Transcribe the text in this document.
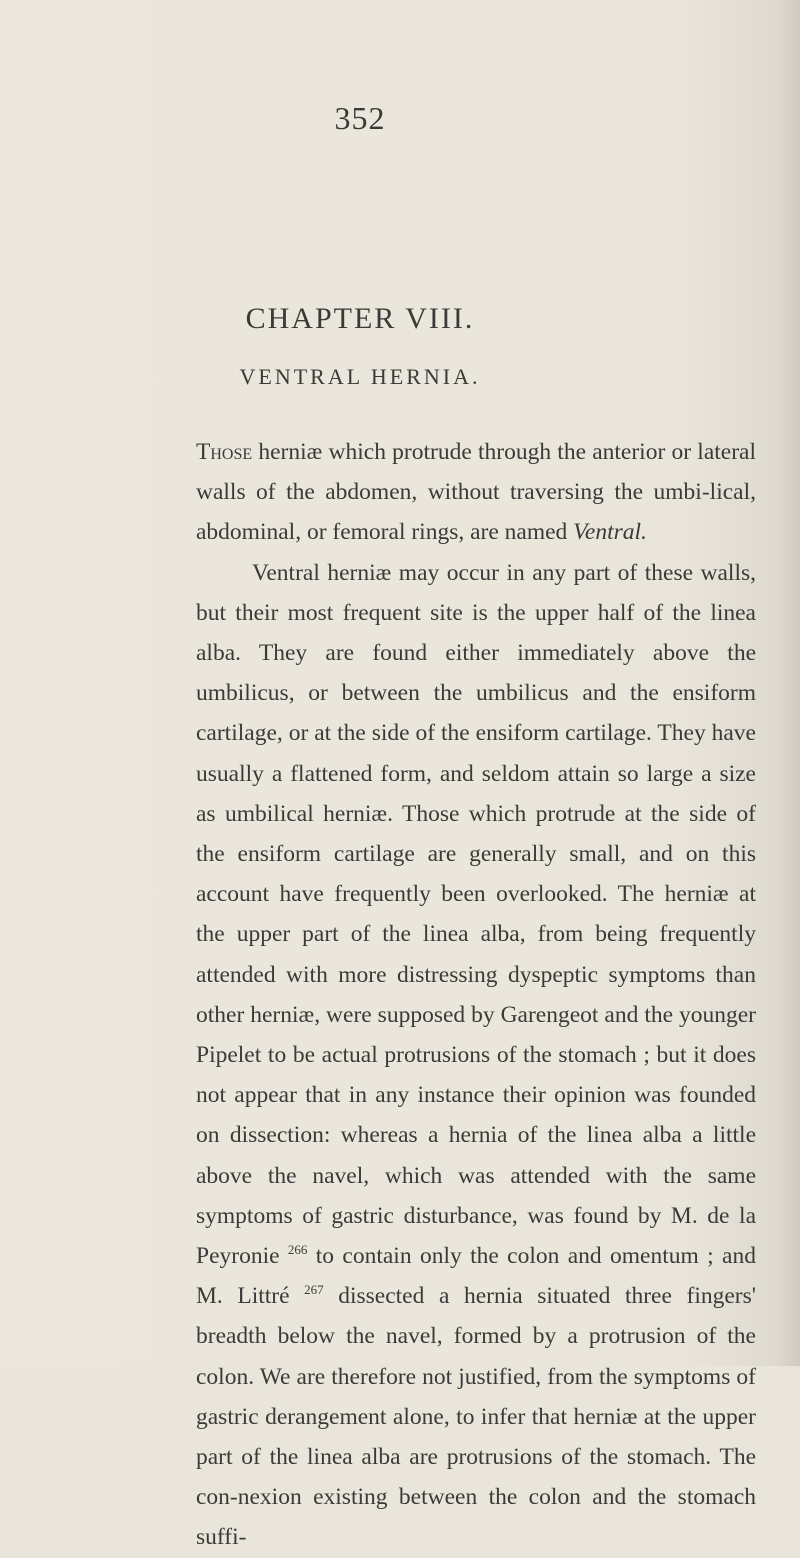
352
CHAPTER VIII.
VENTRAL HERNIA.

Those herniæ which protrude through the anterior or lateral walls of the abdomen, without traversing the umbi-lical, abdominal, or femoral rings, are named Ventral.

Ventral herniæ may occur in any part of these walls, but their most frequent site is the upper half of the linea alba. They are found either immediately above the umbilicus, or between the umbilicus and the ensiform cartilage, or at the side of the ensiform cartilage. They have usually a flattened form, and seldom attain so large a size as umbilical herniæ. Those which protrude at the side of the ensiform cartilage are generally small, and on this account have frequently been overlooked. The herniæ at the upper part of the linea alba, from being frequently attended with more distressing dyspeptic symptoms than other herniæ, were supposed by Garengeot and the younger Pipelet to be actual protrusions of the stomach ; but it does not appear that in any instance their opinion was founded on dissection: whereas a hernia of the linea alba a little above the navel, which was attended with the same symptoms of gastric disturbance, was found by M. de la Peyronie $^{266}$ to contain only the colon and omentum ; and M. Littré $^{267}$ dissected a hernia situated three fingers' breadth below the navel, formed by a protrusion of the colon. We are therefore not justified, from the symptoms of gastric derangement alone, to infer that herniæ at the upper part of the linea alba are protrusions of the stomach. The con-nexion existing between the colon and the stomach suffi-
